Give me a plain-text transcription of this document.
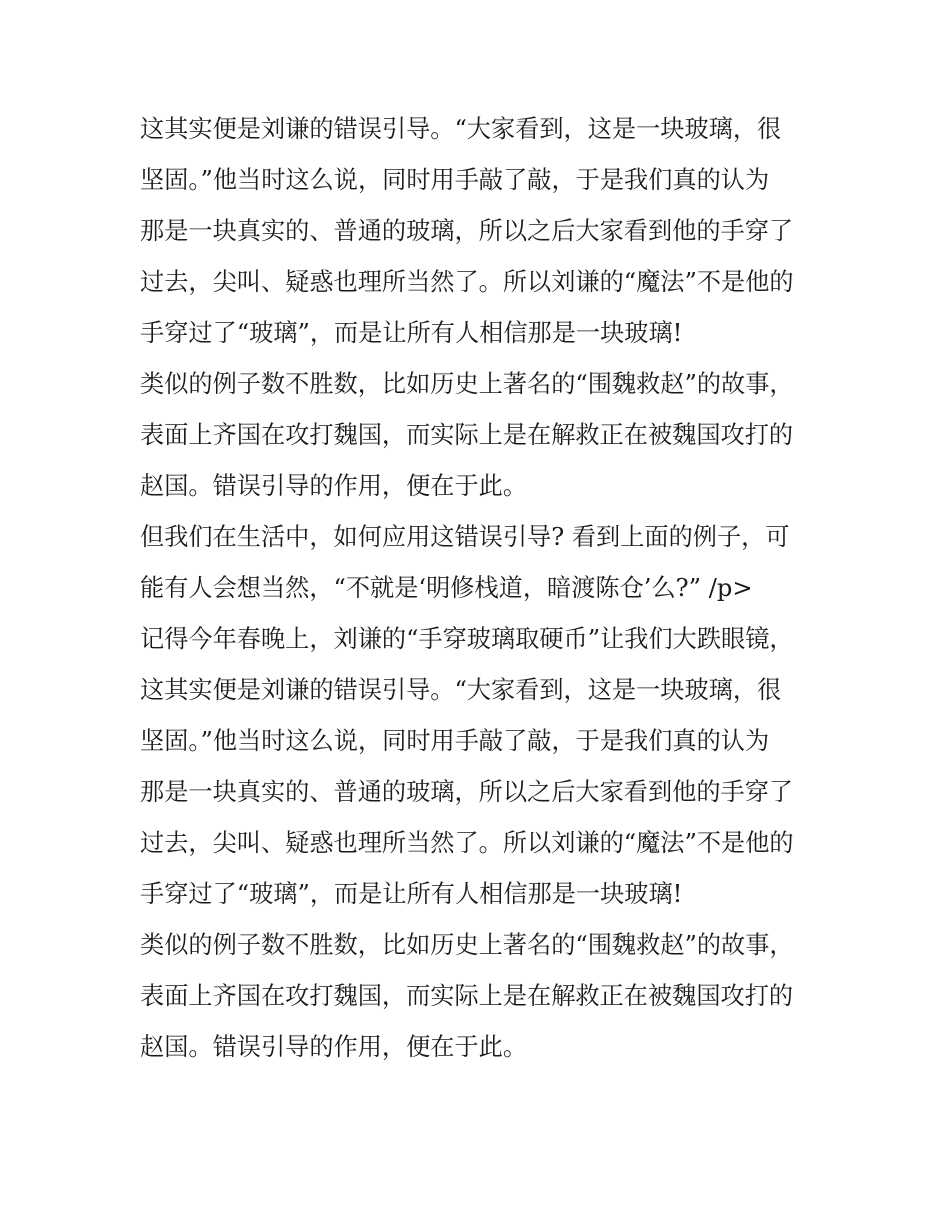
这其实便是刘谦的错误引导。“大家看到，这是一块玻璃，很
坚固。”他当时这么说，同时用手敲了敲，于是我们真的认为
那是一块真实的、普通的玻璃，所以之后大家看到他的手穿了
过去，尖叫、疑惑也理所当然了。所以刘谦的“魔法”不是他的
手穿过了“玻璃”，而是让所有人相信那是一块玻璃!
类似的例子数不胜数，比如历史上著名的“围魏救赵”的故事，
表面上齐国在攻打魏国，而实际上是在解救正在被魏国攻打的
赵国。错误引导的作用，便在于此。
但我们在生活中，如何应用这错误引导? 看到上面的例子，可
能有人会想当然，“不就是‘明修栈道，暗渡陈仓’么?” /p>
记得今年春晚上，刘谦的“手穿玻璃取硬币”让我们大跌眼镜，
这其实便是刘谦的错误引导。“大家看到，这是一块玻璃，很
坚固。”他当时这么说，同时用手敲了敲，于是我们真的认为
那是一块真实的、普通的玻璃，所以之后大家看到他的手穿了
过去，尖叫、疑惑也理所当然了。所以刘谦的“魔法”不是他的
手穿过了“玻璃”，而是让所有人相信那是一块玻璃!
类似的例子数不胜数，比如历史上著名的“围魏救赵”的故事，
表面上齐国在攻打魏国，而实际上是在解救正在被魏国攻打的
赵国。错误引导的作用，便在于此。
